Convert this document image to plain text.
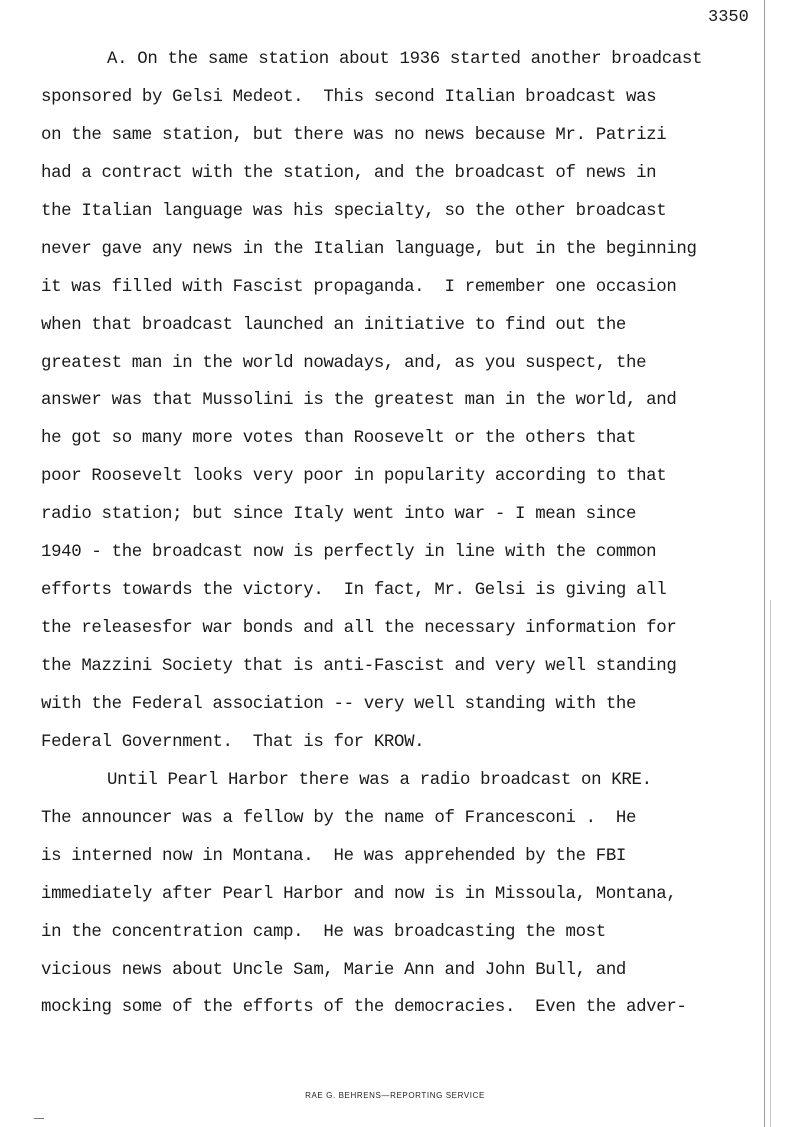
3350
A. On the same station about 1936 started another broadcast
sponsored by Gelsi Medeot.  This second Italian broadcast was
on the same station, but there was no news because Mr. Patrizi
had a contract with the station, and the broadcast of news in
the Italian language was his specialty, so the other broadcast
never gave any news in the Italian language, but in the beginning
it was filled with Fascist propaganda.  I remember one occasion
when that broadcast launched an initiative to find out the
greatest man in the world nowadays, and, as you suspect, the
answer was that Mussolini is the greatest man in the world, and
he got so many more votes than Roosevelt or the others that
poor Roosevelt looks very poor in popularity according to that
radio station; but since Italy went into war - I mean since
1940 - the broadcast now is perfectly in line with the common
efforts towards the victory.  In fact, Mr. Gelsi is giving all
the releasesfor war bonds and all the necessary information for
the Mazzini Society that is anti-Fascist and very well standing
with the Federal association -- very well standing with the
Federal Government.  That is for KROW.
Until Pearl Harbor there was a radio broadcast on KRE.
The announcer was a fellow by the name of Francesconi .  He
is interned now in Montana.  He was apprehended by the FBI
immediately after Pearl Harbor and now is in Missoula, Montana,
in the concentration camp.  He was broadcasting the most
vicious news about Uncle Sam, Marie Ann and John Bull, and
mocking some of the efforts of the democracies.  Even the adver-
RAE G. BEHRENS—REPORTING SERVICE
